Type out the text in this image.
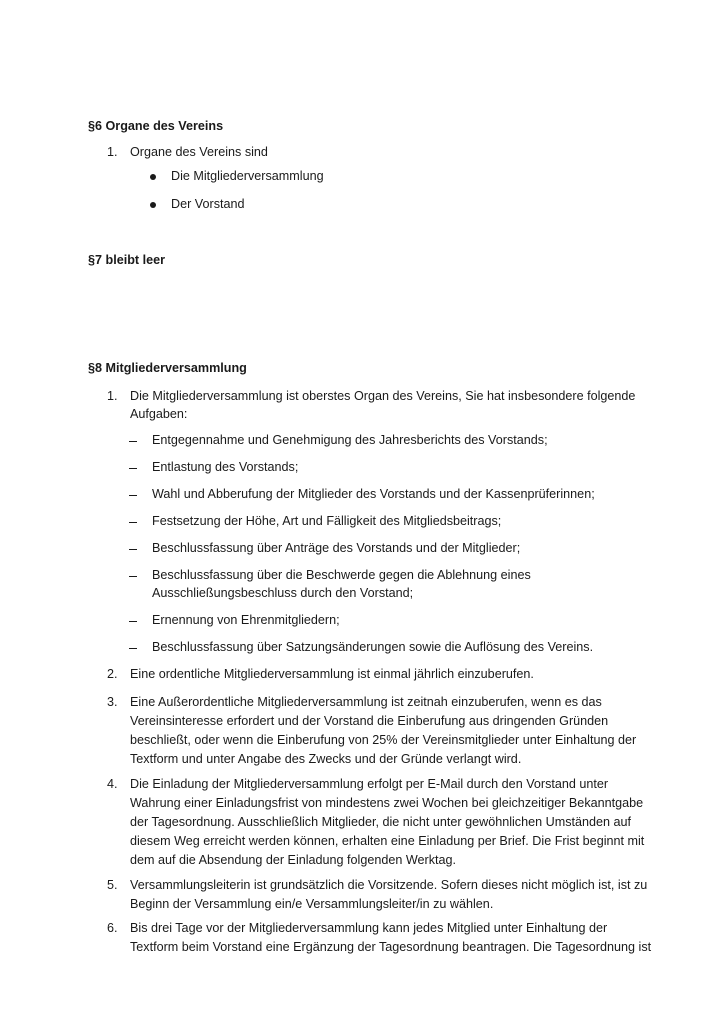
§6 Organe des Vereins
1. Organe des Vereins sind
Die Mitgliederversammlung
Der Vorstand
§7 bleibt leer
§8 Mitgliederversammlung
1. Die Mitgliederversammlung ist oberstes Organ des Vereins, Sie hat insbesondere folgende
Aufgaben:
Entgegennahme und Genehmigung des Jahresberichts des Vorstands;
Entlastung des Vorstands;
Wahl und Abberufung der Mitglieder des Vorstands und der Kassenprüferinnen;
Festsetzung der Höhe, Art und Fälligkeit des Mitgliedsbeitrags;
Beschlussfassung über Anträge des Vorstands und der Mitglieder;
Beschlussfassung über die Beschwerde gegen die Ablehnung eines
Ausschließungsbeschluss durch den Vorstand;
Ernennung von Ehrenmitgliedern;
Beschlussfassung über Satzungsänderungen sowie die Auflösung des Vereins.
2. Eine ordentliche Mitgliederversammlung ist einmal jährlich einzuberufen.
3. Eine Außerordentliche Mitgliederversammlung ist zeitnah einzuberufen, wenn es das
Vereinsinteresse erfordert und der Vorstand die Einberufung aus dringenden Gründen
beschließt, oder wenn die Einberufung von 25% der Vereinsmitglieder unter Einhaltung der
Textform und unter Angabe des Zwecks und der Gründe verlangt wird.
4. Die Einladung der Mitgliederversammlung erfolgt per E-Mail durch den Vorstand unter
Wahrung einer Einladungsfrist von mindestens zwei Wochen bei gleichzeitiger Bekanntgabe
der Tagesordnung. Ausschließlich Mitglieder, die nicht unter gewöhnlichen Umständen auf
diesem Weg erreicht werden können, erhalten eine Einladung per Brief. Die Frist beginnt mit
dem auf die Absendung der Einladung folgenden Werktag.
5. Versammlungsleiterin ist grundsätzlich die Vorsitzende. Sofern dieses nicht möglich ist, ist zu
Beginn der Versammlung ein/e Versammlungsleiter/in zu wählen.
6. Bis drei Tage vor der Mitgliederversammlung kann jedes Mitglied unter Einhaltung der
Textform beim Vorstand eine Ergänzung der Tagesordnung beantragen. Die Tagesordnung ist
